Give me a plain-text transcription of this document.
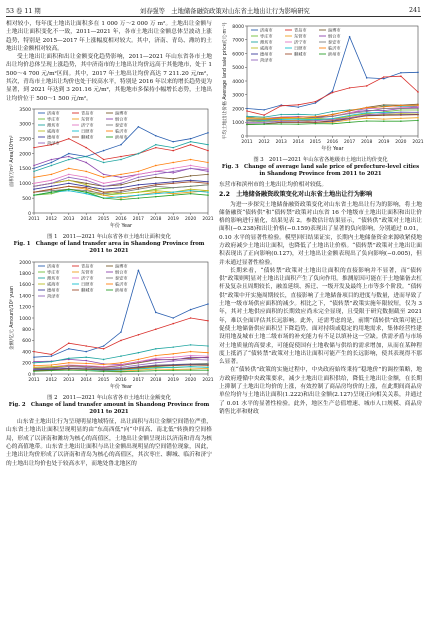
53 卷 11 期	刘春强等　土地储备融资政策对山东省土地出让行为影响研究	241

相对较小，每年度土地出让面积多在 1 000 万～2 000 万 m²。土地出让金额与土地出让面积变化不一致，2011—2021 年，各市土地出让金额总体呈波动上涨趋势，特别是 2015—2017 年上涨幅度相对较大。其中，济南、青岛、潍坊的土地出让金额相对较高。

受土地出让面积和出让金额变化趋势影响，2011—2021 年山东省各市土地出让均价总体呈现上涨趋势，其中济南市的土地出让均价远高于其他地市，处于 1 500～4 700 元/m²区间。其中，2017 年土地出让均价高达 7 211.20 元/m²，其次，青岛市土地出让均价也处于较高水平，特别是 2016 年以来的增长趋势更为显著，到 2021 年达到 3 201.16 元/m²，其他地市多保持小幅增长态势，土地出让均价位于 500～1 500 元/m²。

0
500
1000
1500
2000
2500
3000
3500
2011 2012 2013 2014 2015 2016 2017 2018 2019 2020 2021
年份 Year
面积/万m² Area/10⁴m²
济南市	青岛市	淄博市
枣庄市	东营市	烟台市
潍坊市	济宁市	泰安市
威海市	日照市	临沂市
德州市	聊城市	滨州市
菏泽市
图 1　2011—2021 年山东省各市土地出让面积变化
Fig. 1　Change of land transfer area in Shandong Province from 2011 to 2021
0
200
400
600
800
1000
1200
1400
1600
1800
2000
2011 2012 2013 2014 2015 2016 2017 2018 2019 2020 2021
年份 Year
金额/亿元 Amount/10⁸ yuan
济南市	青岛市	淄博市
枣庄市	东营市	烟台市
潍坊市	济宁市	泰安市
威海市	日照市	临沂市
德州市	聊城市	滨州市
菏泽市
图 2　2011—2021 年山东省各市土地出让金额变化
Fig. 2　Change of land transfer amount in Shandong Province from 2011 to 2021

山东省土地出让行为呈现明显地域特征，出让面积与出让金额空间错位严重，山东省土地出让面积呈现明显的由“东高西低”向“中间高、南北低”转换的空间格局，形成了以济南和潍坊为核心的高值区，土地出让金额呈现出以济南和青岛为核心的高值地带。山东省土地出让面积与出让金额出现明显的空间错位现象，因此，土地出让均价形成了以济南和青岛为核心的高值区，其次枣庄、聊城、临沂和济宁的土地出让均价也处于较高水平，而地处鲁北地区的

0
1000
2000
3000
4000
5000
6000
7000
8000
2011 2012 2013 2014 2015 2016 2017 2018 2019 2020 2021
年份 Year
平均土地出让价格 Average land sale price/(元·m⁻²)	济南市	青岛市	淄博市
枣庄市	东营市	烟台市
潍坊市	济宁市	泰安市
威海市	日照市	临沂市
德州市	聊城市	滨州市
菏泽市
图 3　2011—2021 年山东省各地级市土地出让均价变化
Fig. 3　Change of average land sale price of prefecture-level cities in Shandong Province from 2011 to 2021

东营市和滨州市的土地出让均价相对较低。

2.2　土地储备融资政策变化对山东省土地出让行为影响

为进一步探究土地储备融资政策变化对山东省土地出让行为的影响，将土地储备融资“债转供”和“债转禁”政策对山东省 16 个地级市土地出让面积和出让价格的影响进行量化，结果见表 2。参数估计结果显示，“债转供”政策对土地出让面积(−0.238)和出让价格(−0.159)表现出了显著的负向影响，分别通过 0.01，0.10 水平的显著性检验。模型回归结果证实，长期内土地储备资金来源收紧使地方政府减少土地出让面积，也降低了土地出让价格。“债转禁”政策对土地出让面积表现出了正向影响(0.127)，对土地出让金额表现出了负向影响(−0.005)，但并未通过显著性检验。

长期来看，“债转禁”政策对土地出让面积的直接影响并不显著，而“债转供”政策则明显对土地出让面积产生了负向作用。推测原因可能在于土地储备去杠杆及复杂且周期较长，融盖延续、拆迁、一级开发及最终上市等多个阶段。“债转供”政策中开实施周期较长，直接影响了土地储备项目的进度与数量，进而导致了土地一级市场供应面积的减少。相比之下，“债转禁”政策实施年限较短，仅为 3 年，其对土地供应面积的长期效应尚未完全显现，且受限于研究数据截至 2021 年，难以全面评估其长远影响。此外，还需考虑的是，前期“债转供”政策可能已促使土地储备供应面积呈下降趋势，面对持续或稳定的用地需求，集体经营性建设用地及城市土地二级市场的补充能力有不足以填补这一空缺。供需矛盾与市场对土地质量的高要求，可能促使国有土地收储与供给的需求增加，从而在某种程度上抵消了“债转禁”政策对土地出让面积可能产生的长远影响，使其表现得不那么显著。

在“债转供”政策的实施过程中，中央政府始终秉持“稳地价”的调控策略，地方政府遵循中央政策要求，减少土地出让面积供给，降低土地出让金额，在长期上抑制了土地出让均价的上涨，有效控制了商品房均价的上涨，在此期间商品房单位均价与土地出让面积(1.222)和出让金额(2.127)呈现正向相关关系，并通过了 0.01 水平的显著性检验。此外，地区生产总值增速、城市人口规模、商品房销售比率和财政
